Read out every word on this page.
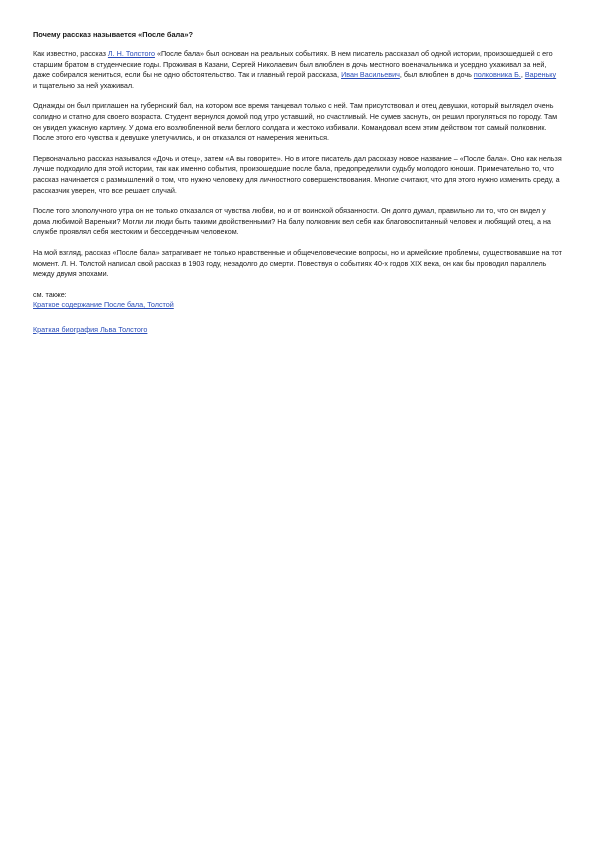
Почему рассказ называется «После бала»?

Как известно, рассказ Л. Н. Толстого «После бала» был основан на реальных событиях. В нем писатель рассказал об одной истории, произошедшей с его старшим братом в студенческие годы. Проживая в Казани, Сергей Николаевич был влюблен в дочь местного военачальника и усердно ухаживал за ней, даже собирался жениться, если бы не одно обстоятельство. Так и главный герой рассказа, Иван Васильевич, был влюблен в дочь полковника Б., Вареньку и тщательно за ней ухаживал.

Однажды он был приглашен на губернский бал, на котором все время танцевал только с ней. Там присутствовал и отец девушки, который выглядел очень солидно и статно для своего возраста. Студент вернулся домой под утро уставший, но счастливый. Не сумев заснуть, он решил прогуляться по городу. Там он увидел ужасную картину. У дома его возлюбленной вели беглого солдата и жестоко избивали. Командовал всем этим действом тот самый полковник. После этого его чувства к девушке улетучились, и он отказался от намерения жениться.

Первоначально рассказ назывался «Дочь и отец», затем «А вы говорите». Но в итоге писатель дал рассказу новое название – «После бала». Оно как нельзя лучше подходило для этой истории, так как именно события, произошедшие после бала, предопределили судьбу молодого юноши. Примечательно то, что рассказ начинается с размышлений о том, что нужно человеку для личностного совершенствования. Многие считают, что для этого нужно изменить среду, а рассказчик уверен, что все решает случай.

После того злополучного утра он не только отказался от чувства любви, но и от воинской обязанности. Он долго думал, правильно ли то, что он видел у дома любимой Вареньки? Могли ли люди быть такими двойственными? На балу полковник вел себя как благовоспитанный человек и любящий отец, а на службе проявлял себя жестоким и бессердечным человеком.

На мой взгляд, рассказ «После бала» затрагивает не только нравственные и общечеловеческие вопросы, но и армейские проблемы, существовавшие на тот момент. Л. Н. Толстой написал свой рассказ в 1903 году, незадолго до смерти. Повествуя о событиях 40-х годов XIX века, он как бы проводил параллель между двумя эпохами.

см. также:

Краткое содержание После бала, Толстой

Краткая биография Льва Толстого
